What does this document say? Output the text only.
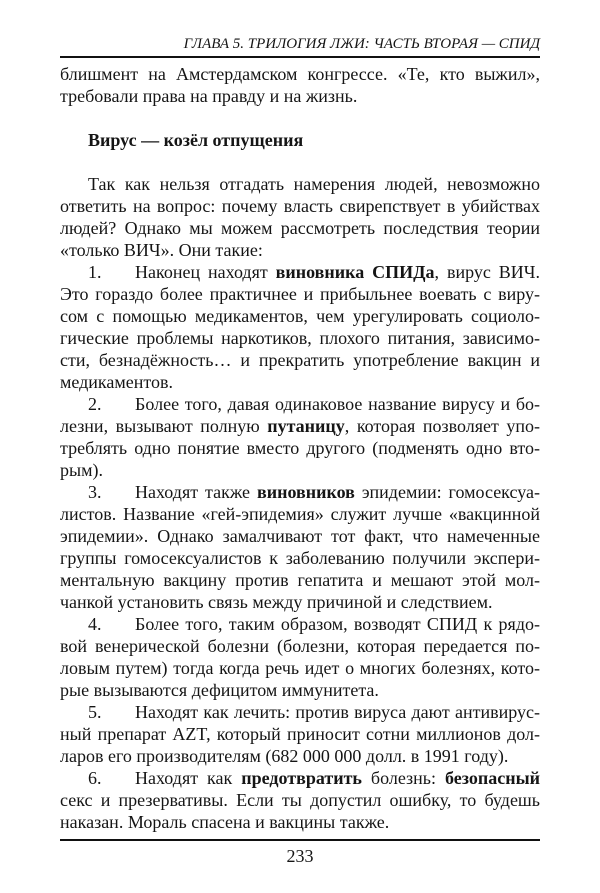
ГЛАВА 5. ТРИЛОГИЯ ЛЖИ: ЧАСТЬ ВТОРАЯ — СПИД
блишмент на Амстердамском конгрессе. «Те, кто выжил»,
требовали права на правду и на жизнь.
Вирус — козёл отпущения
Так как нельзя отгадать намерения людей, невозможно
ответить на вопрос: почему власть свирепствует в убийствах
людей? Однако мы можем рассмотреть последствия теории
«только ВИЧ». Они такие:
1.	Наконец находят виновника СПИДа, вирус ВИЧ.
Это гораздо более практичнее и прибыльнее воевать с виру-
сом с помощью медикаментов, чем урегулировать социоло-
гические проблемы наркотиков, плохого питания, зависимо-
сти, безнадёжность… и прекратить употребление вакцин и
медикаментов.
2.	Более того, давая одинаковое название вирусу и бо-
лезни, вызывают полную путаницу, которая позволяет упо-
треблять одно понятие вместо другого (подменять одно вто-
рым).
3.	Находят также виновников эпидемии: гомосексуа-
листов. Название «гей-эпидемия» служит лучше «вакцинной
эпидемии». Однако замалчивают тот факт, что намеченные
группы гомосексуалистов к заболеванию получили экспери-
ментальную вакцину против гепатита и мешают этой мол-
чанкой установить связь между причиной и следствием.
4.	Более того, таким образом, возводят СПИД к рядо-
вой венерической болезни (болезни, которая передается по-
ловым путем) тогда когда речь идет о многих болезнях, кото-
рые вызываются дефицитом иммунитета.
5.	Находят как лечить: против вируса дают антивирус-
ный препарат AZT, который приносит сотни миллионов дол-
ларов его производителям (682 000 000 долл. в 1991 году).
6.	Находят как предотвратить болезнь: безопасный
секс и презервативы. Если ты допустил ошибку, то будешь
наказан. Мораль спасена и вакцины также.
233
